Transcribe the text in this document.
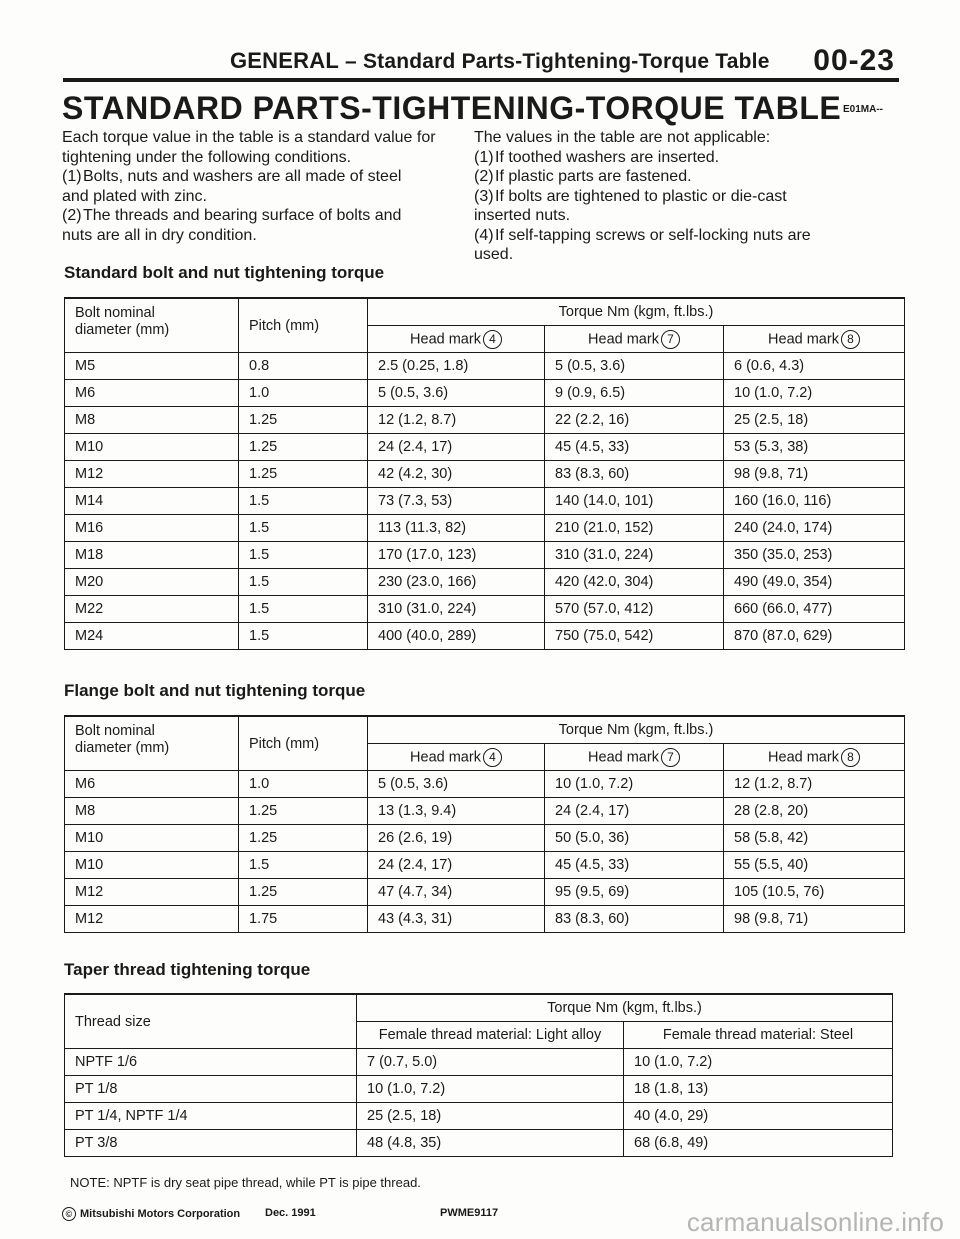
GENERAL – Standard Parts-Tightening-Torque Table 00-23
STANDARD PARTS-TIGHTENING-TORQUE TABLE E01MA--

Each torque value in the table is a standard value for tightening under the following conditions.

(1)Bolts, nuts and washers are all made of steel
and plated with zinc.
(2)The threads and bearing surface of bolts and
nuts are all in dry condition.

The values in the table are not applicable:

(1)If toothed washers are inserted.
(2)If plastic parts are fastened.
(3)If bolts are tightened to plastic or die-cast
inserted nuts.
(4)If self-tapping screws or self-locking nuts are
used.
Standard bolt and nut tightening torque
Bolt nominal
diameter (mm)	Pitch (mm)	Torque Nm (kgm, ft.lbs.)		
		Head mark 4	Head mark 7	Head mark 8
M5	0.8	2.5 (0.25, 1.8)	5 (0.5, 3.6)	6 (0.6, 4.3)
M6	1.0	5 (0.5, 3.6)	9 (0.9, 6.5)	10 (1.0, 7.2)
M8	1.25	12 (1.2, 8.7)	22 (2.2, 16)	25 (2.5, 18)
M10	1.25	24 (2.4, 17)	45 (4.5, 33)	53 (5.3, 38)
M12	1.25	42 (4.2, 30)	83 (8.3, 60)	98 (9.8, 71)
M14	1.5	73 (7.3, 53)	140 (14.0, 101)	160 (16.0, 116)
M16	1.5	113 (11.3, 82)	210 (21.0, 152)	240 (24.0, 174)
M18	1.5	170 (17.0, 123)	310 (31.0, 224)	350 (35.0, 253)
M20	1.5	230 (23.0, 166)	420 (42.0, 304)	490 (49.0, 354)
M22	1.5	310 (31.0, 224)	570 (57.0, 412)	660 (66.0, 477)
M24	1.5	400 (40.0, 289)	750 (75.0, 542)	870 (87.0, 629)
Flange bolt and nut tightening torque
Bolt nominal
diameter (mm)	Pitch (mm)	Torque Nm (kgm, ft.lbs.)		
		Head mark 4	Head mark 7	Head mark 8
M6	1.0	5 (0.5, 3.6)	10 (1.0, 7.2)	12 (1.2, 8.7)
M8	1.25	13 (1.3, 9.4)	24 (2.4, 17)	28 (2.8, 20)
M10	1.25	26 (2.6, 19)	50 (5.0, 36)	58 (5.8, 42)
M10	1.5	24 (2.4, 17)	45 (4.5, 33)	55 (5.5, 40)
M12	1.25	47 (4.7, 34)	95 (9.5, 69)	105 (10.5, 76)
M12	1.75	43 (4.3, 31)	83 (8.3, 60)	98 (9.8, 71)
Taper thread tightening torque
Thread size	Torque Nm (kgm, ft.lbs.)	
	Female thread material: Light alloy	Female thread material: Steel
NPTF 1/6	7 (0.7, 5.0)	10 (1.0, 7.2)
PT 1/8	10 (1.0, 7.2)	18 (1.8, 13)
PT 1/4, NPTF 1/4	25 (2.5, 18)	40 (4.0, 29)
PT 3/8	48 (4.8, 35)	68 (6.8, 49)
NOTE: NPTF is dry seat pipe thread, while PT is pipe thread.
© Mitsubishi Motors Corporation Dec. 1991	PWME9117	carmanualsonline.info
